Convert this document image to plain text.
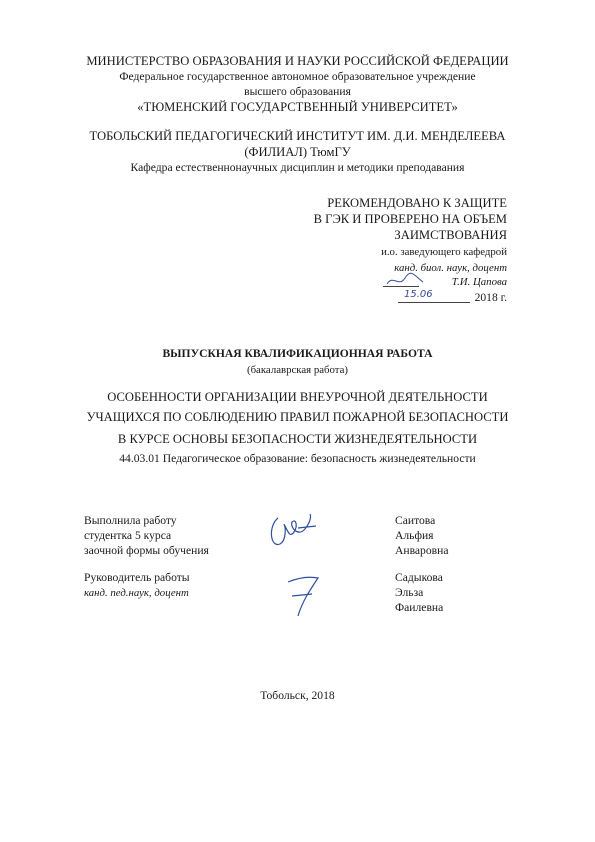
МИНИСТЕРСТВО ОБРАЗОВАНИЯ И НАУКИ РОССИЙСКОЙ ФЕДЕРАЦИИ
Федеральное государственное автономное образовательное учреждение
высшего образования
«ТЮМЕНСКИЙ ГОСУДАРСТВЕННЫЙ УНИВЕРСИТЕТ»
ТОБОЛЬСКИЙ ПЕДАГОГИЧЕСКИЙ ИНСТИТУТ ИМ. Д.И. МЕНДЕЛЕЕВА
(ФИЛИАЛ) ТюмГУ
Кафедра естественнонаучных дисциплин и методики преподавания
РЕКОМЕНДОВАНО К ЗАЩИТЕ
В ГЭК И ПРОВЕРЕНО НА ОБЪЕМ
ЗАИМСТВОВАНИЯ
и.о. заведующего кафедрой
канд. биол. наук, доцент
Т.И. Цапова
15.06	2018 г.
ВЫПУСКНАЯ КВАЛИФИКАЦИОННАЯ РАБОТА
(бакалаврская работа)
ОСОБЕННОСТИ ОРГАНИЗАЦИИ ВНЕУРОЧНОЙ ДЕЯТЕЛЬНОСТИ
УЧАЩИХСЯ ПО СОБЛЮДЕНИЮ ПРАВИЛ ПОЖАРНОЙ БЕЗОПАСНОСТИ
В КУРСЕ ОСНОВЫ БЕЗОПАСНОСТИ ЖИЗНЕДЕЯТЕЛЬНОСТИ
44.03.01 Педагогическое образование: безопасность жизнедеятельности
Выполнила работу
студентка 5 курса
заочной формы обучения
Саитова
Альфия
Анваровна
Руководитель работы
канд. пед.наук, доцент
Садыкова
Эльза
Фаилевна
Тобольск, 2018
